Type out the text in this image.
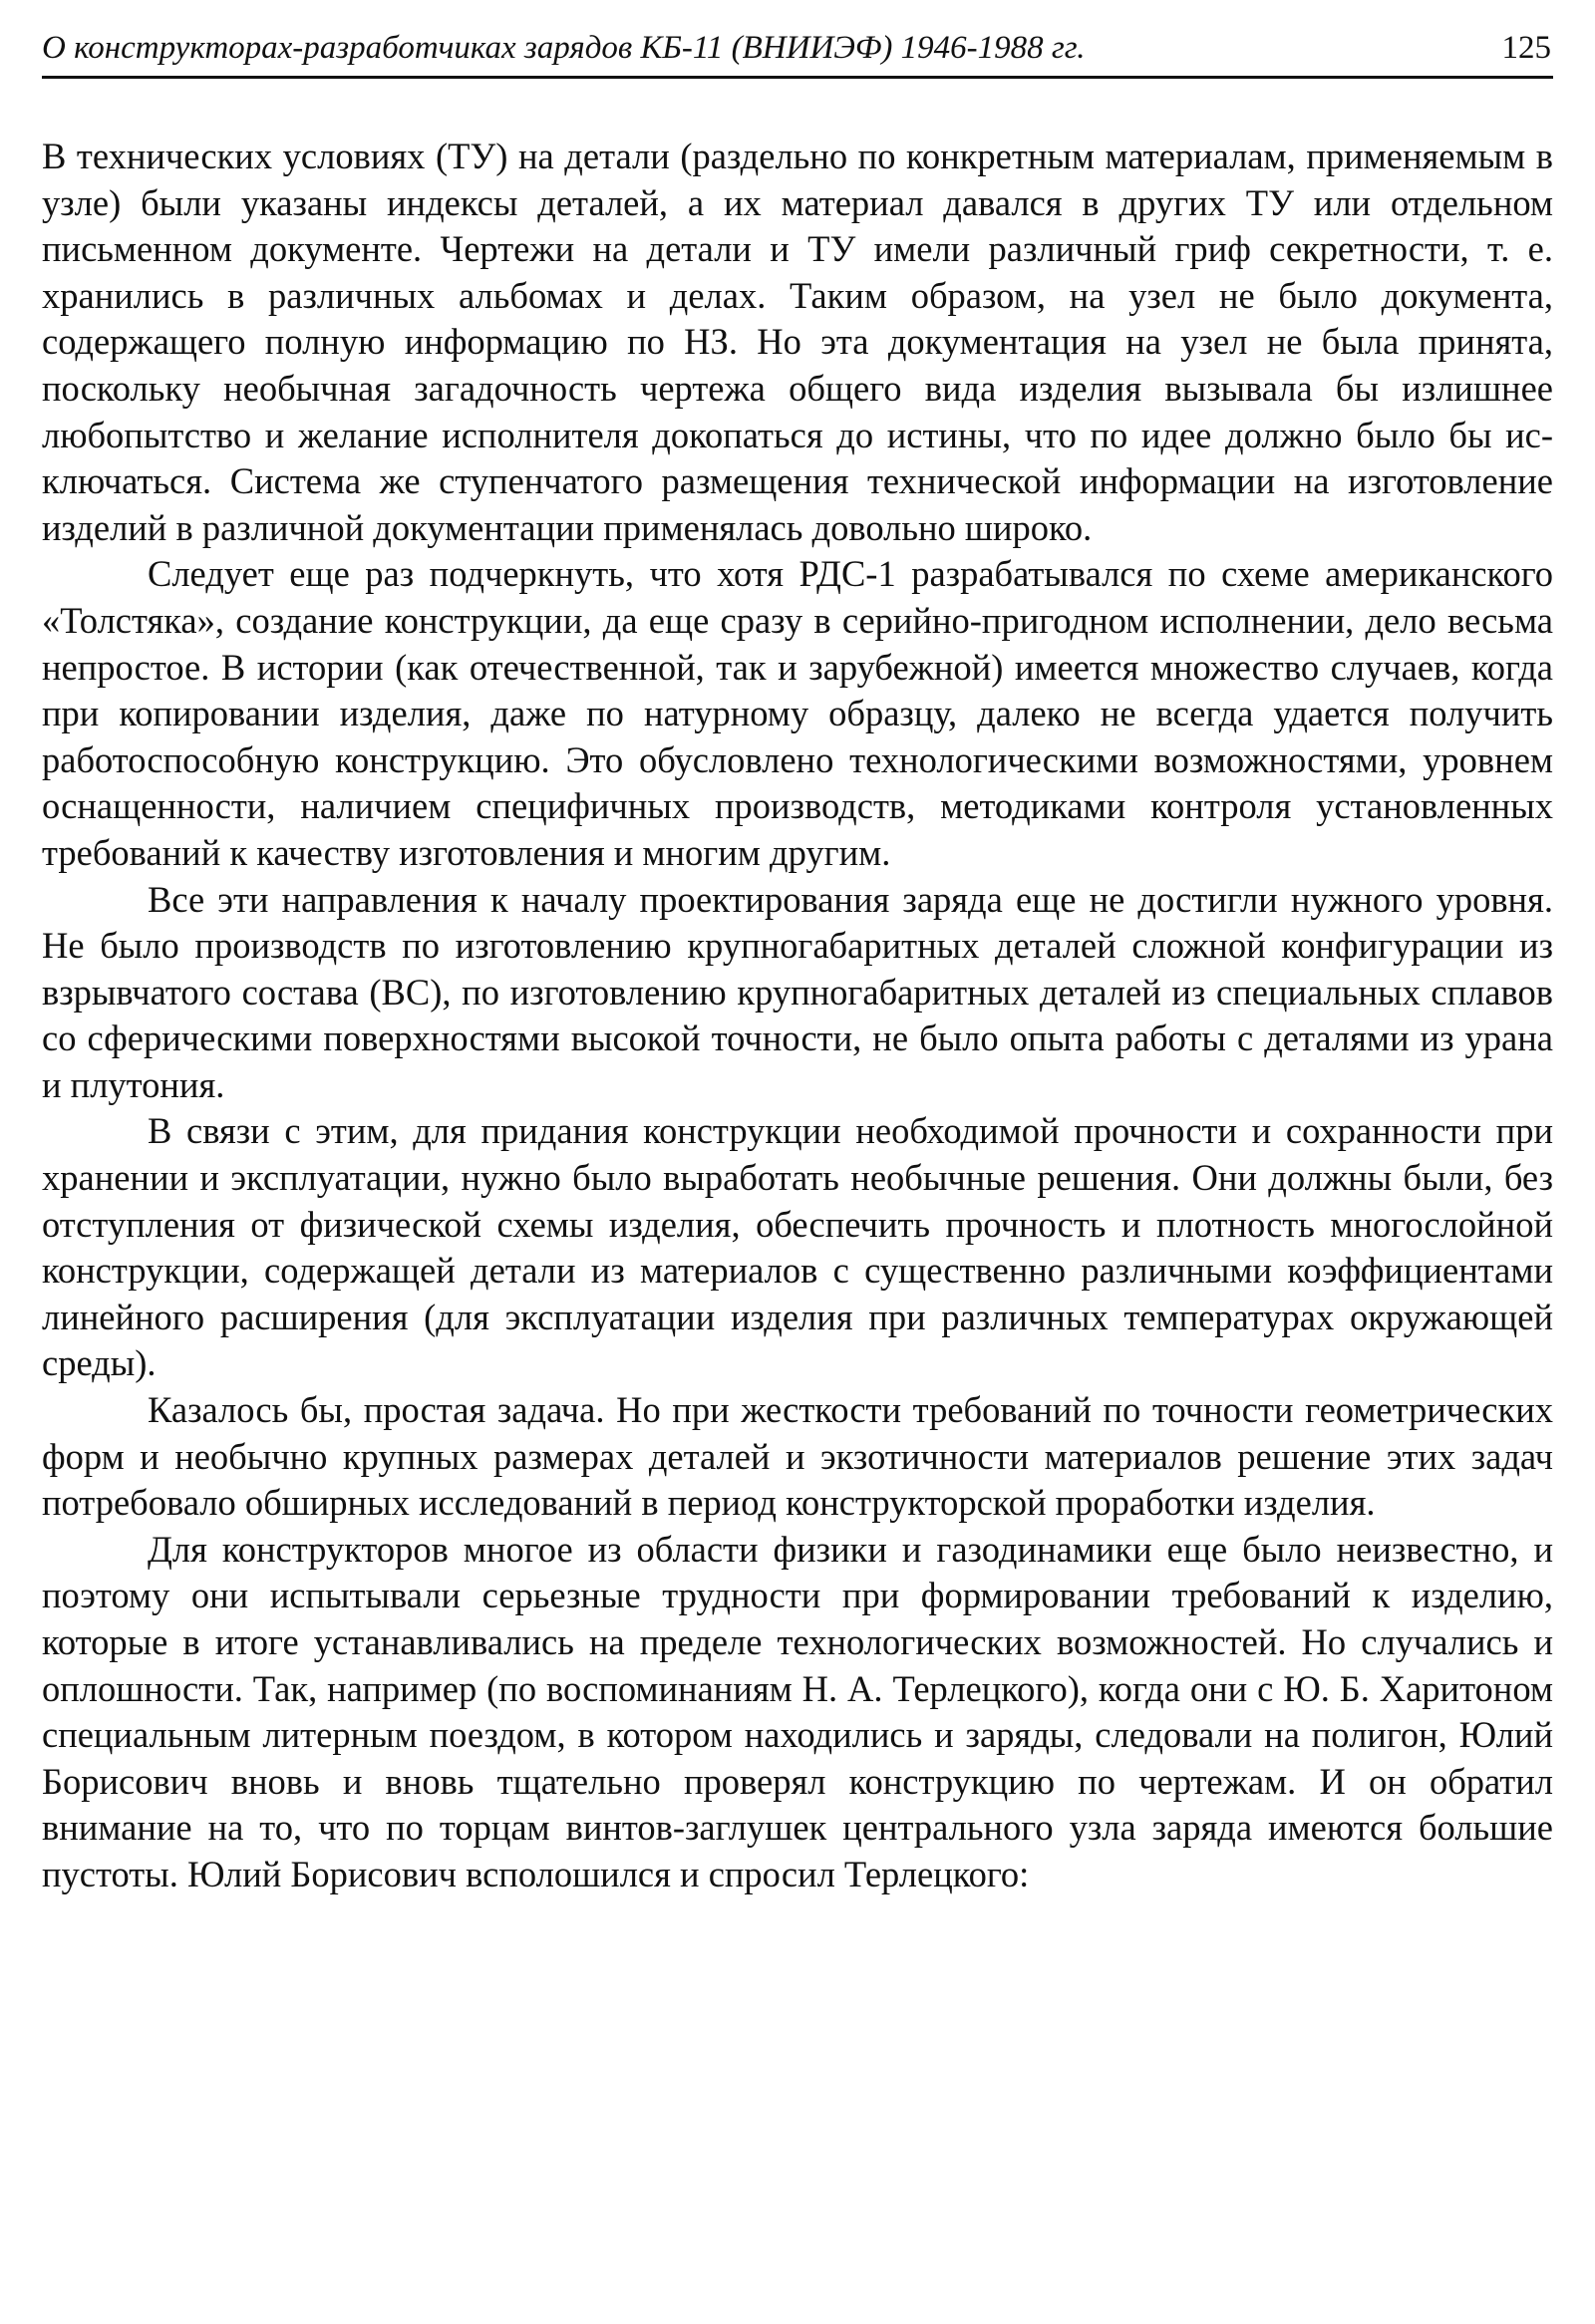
О конструкторах-разработчиках зарядов КБ-11 (ВНИИЭФ) 1946-1988 гг.	125

В технических условиях (ТУ) на детали (раздельно по конкретным материалам, применяемым в узле) были указаны индексы деталей, а их материал давался в других ТУ или отдельном письменном документе. Чертежи на детали и ТУ имели различный гриф секретности, т. е. хранились в различных альбомах и делах. Таким образом, на узел не было документа, содержащего полную информацию по НЗ. Но эта документация на узел не была принята, поскольку необычная загадочность чертежа общего вида изделия вызывала бы излишнее любопытство и желание исполнителя докопаться до истины, что по идее должно было бы исключаться. Система же ступенчатого размещения технической информации на изготовление изделий в различной документации применялась довольно широко.

Следует еще раз подчеркнуть, что хотя РДС-1 разрабатывался по схеме американского «Толстяка», создание конструкции, да еще сразу в серийно-пригодном исполнении, дело весьма непростое. В истории (как отечественной, так и зарубежной) имеется множество случаев, когда при копировании изделия, даже по натурному образцу, далеко не всегда удается получить работоспособную конструкцию. Это обусловлено технологическими возможностями, уровнем оснащенности, наличием специфичных производств, методиками контроля установленных требований к качеству изготовления и многим другим.

Все эти направления к началу проектирования заряда еще не достигли нужного уровня. Не было производств по изготовлению крупногабаритных деталей сложной конфигурации из взрывчатого состава (ВС), по изготовлению крупногабаритных деталей из специальных сплавов со сферическими поверхностями высокой точности, не было опыта работы с деталями из урана и плутония.

В связи с этим, для придания конструкции необходимой прочности и сохранности при хранении и эксплуатации, нужно было выработать необычные решения. Они должны были, без отступления от физической схемы изделия, обеспечить прочность и плотность многослойной конструкции, содержащей детали из материалов с существенно различными коэффициентами линейного расширения (для эксплуатации изделия при различных температурах окружающей среды).

Казалось бы, простая задача. Но при жесткости требований по точности геометрических форм и необычно крупных размерах деталей и экзотичности материалов решение этих задач потребовало обширных исследований в период конструкторской проработки изделия.

Для конструкторов многое из области физики и газодинамики еще было неизвестно, и поэтому они испытывали серьезные трудности при формировании требований к изделию, которые в итоге устанавливались на пределе технологических возможностей. Но случались и оплошности. Так, например (по воспоминаниям Н. А. Терлецкого), когда они с Ю. Б. Харитоном специальным литерным поездом, в котором находились и заряды, следовали на полигон, Юлий Борисович вновь и вновь тщательно проверял конструкцию по чертежам. И он обратил внимание на то, что по торцам винтов-заглушек центрального узла заряда имеются большие пустоты. Юлий Борисович всполошился и спросил Терлецкого:
